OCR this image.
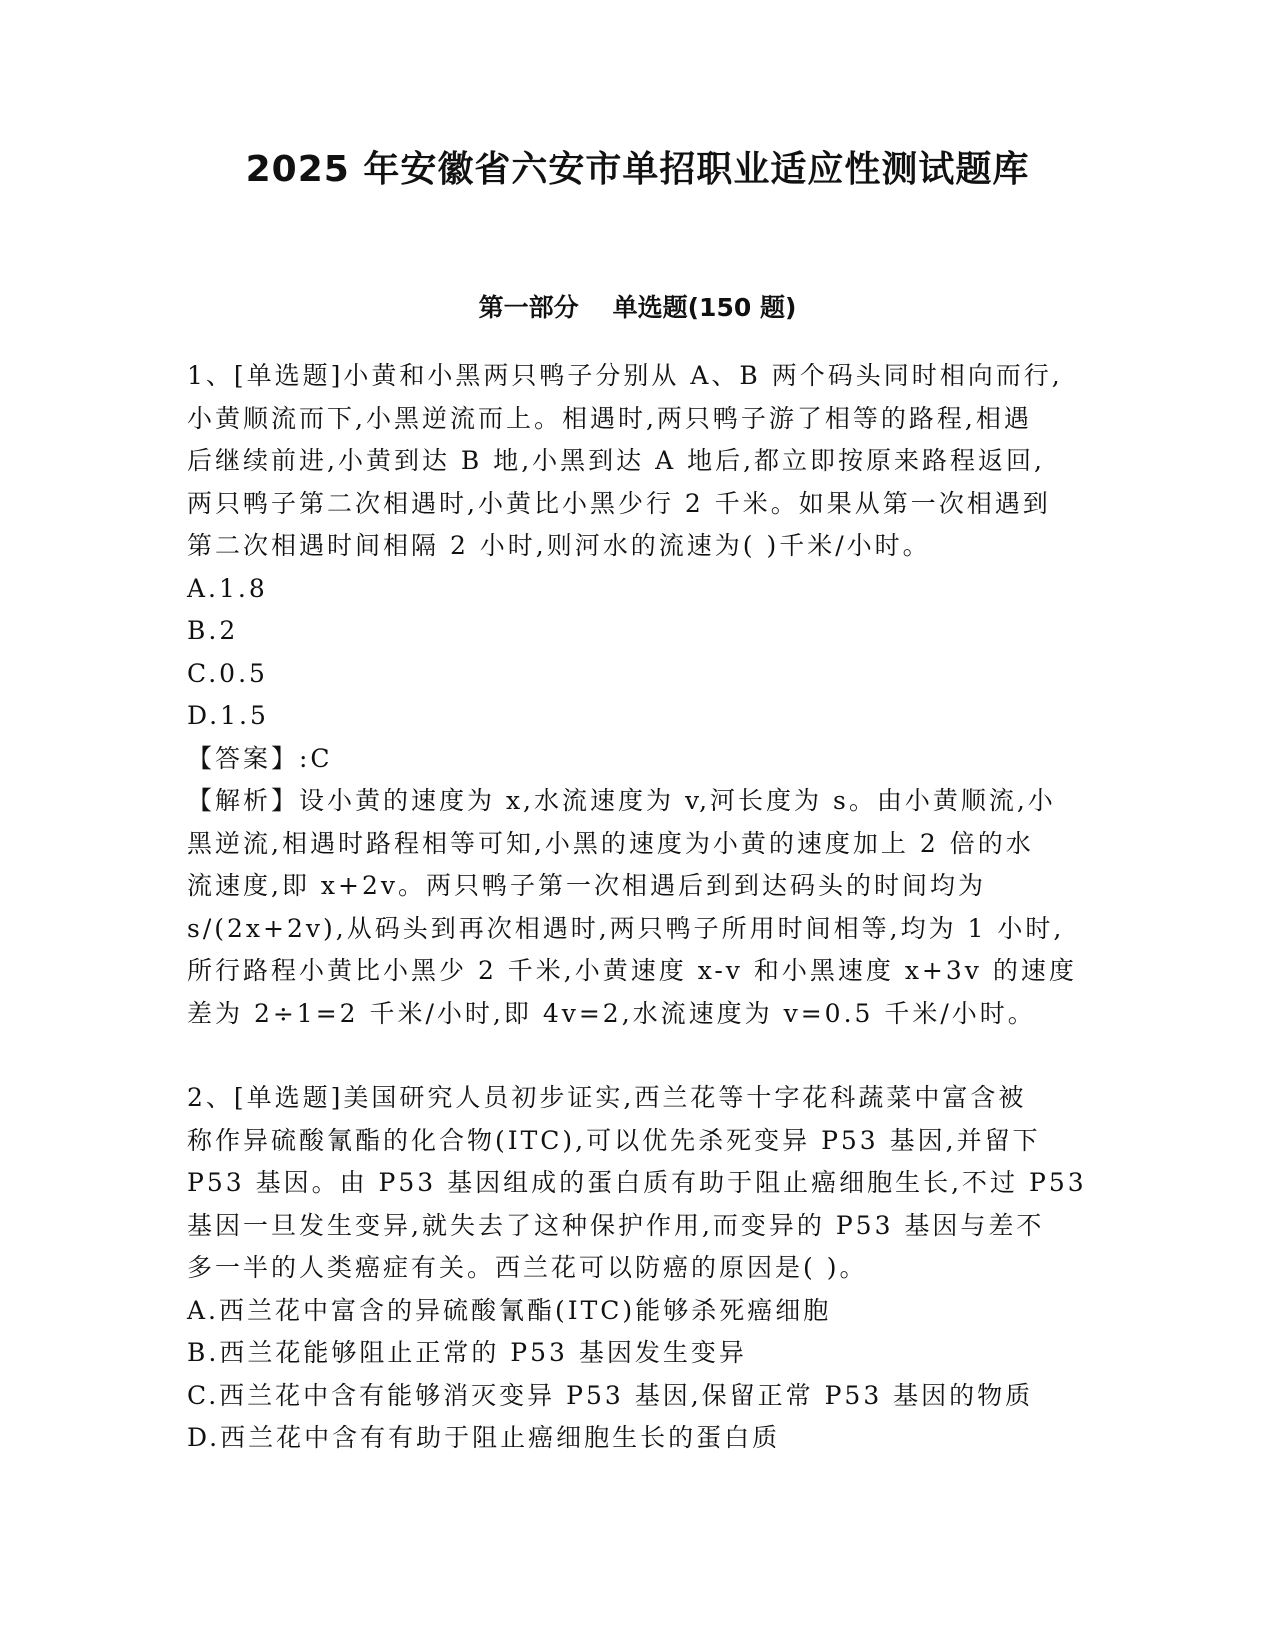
2025 年安徽省六安市单招职业适应性测试题库
第一部分 单选题(150 题)
1、[单选题]小黄和小黑两只鸭子分别从 A、B 两个码头同时相向而行,
小黄顺流而下,小黑逆流而上。相遇时,两只鸭子游了相等的路程,相遇
后继续前进,小黄到达 B 地,小黑到达 A 地后,都立即按原来路程返回,
两只鸭子第二次相遇时,小黄比小黑少行 2 千米。如果从第一次相遇到
第二次相遇时间相隔 2 小时,则河水的流速为( )千米/小时。
A.1.8
B.2
C.0.5
D.1.5
【答案】:C
【解析】设小黄的速度为 x,水流速度为 v,河长度为 s。由小黄顺流,小
黑逆流,相遇时路程相等可知,小黑的速度为小黄的速度加上 2 倍的水
流速度,即 x+2v。两只鸭子第一次相遇后到到达码头的时间均为
s/(2x+2v),从码头到再次相遇时,两只鸭子所用时间相等,均为 1 小时,
所行路程小黄比小黑少 2 千米,小黄速度 x-v 和小黑速度 x+3v 的速度
差为 2÷1=2 千米/小时,即 4v=2,水流速度为 v=0.5 千米/小时。
2、[单选题]美国研究人员初步证实,西兰花等十字花科蔬菜中富含被
称作异硫酸氰酯的化合物(ITC),可以优先杀死变异 P53 基因,并留下
P53 基因。由 P53 基因组成的蛋白质有助于阻止癌细胞生长,不过 P53
基因一旦发生变异,就失去了这种保护作用,而变异的 P53 基因与差不
多一半的人类癌症有关。西兰花可以防癌的原因是( )。
A.西兰花中富含的异硫酸氰酯(ITC)能够杀死癌细胞
B.西兰花能够阻止正常的 P53 基因发生变异
C.西兰花中含有能够消灭变异 P53 基因,保留正常 P53 基因的物质
D.西兰花中含有有助于阻止癌细胞生长的蛋白质
